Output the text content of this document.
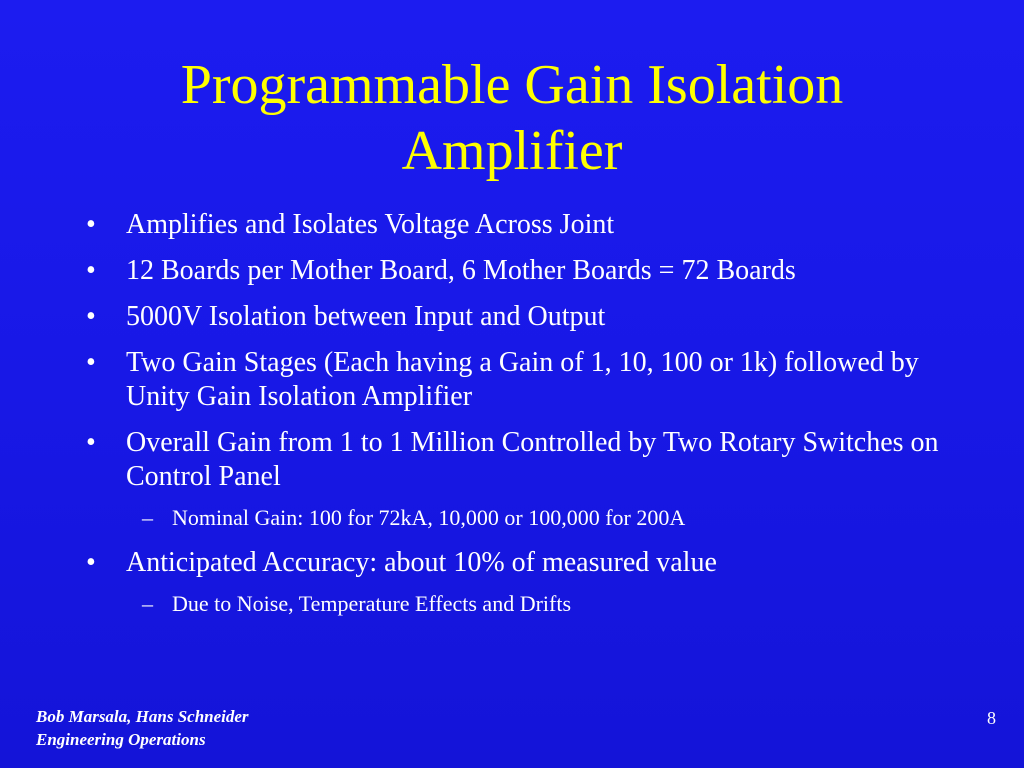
Programmable Gain Isolation
Amplifier
•	Amplifies and Isolates Voltage Across Joint
•	12 Boards per Mother Board, 6 Mother Boards = 72 Boards
•	5000V Isolation between Input and Output
•	Two Gain Stages (Each having a Gain of 1, 10, 100 or 1k) followed by Unity Gain Isolation Amplifier
•	Overall Gain from 1 to 1 Million Controlled by Two Rotary Switches on Control Panel
– Nominal Gain: 100 for 72kA, 10,000 or 100,000 for 200A
•	Anticipated Accuracy: about 10% of measured value
– Due to Noise, Temperature Effects and Drifts
Bob Marsala, Hans Schneider
Engineering Operations
8
